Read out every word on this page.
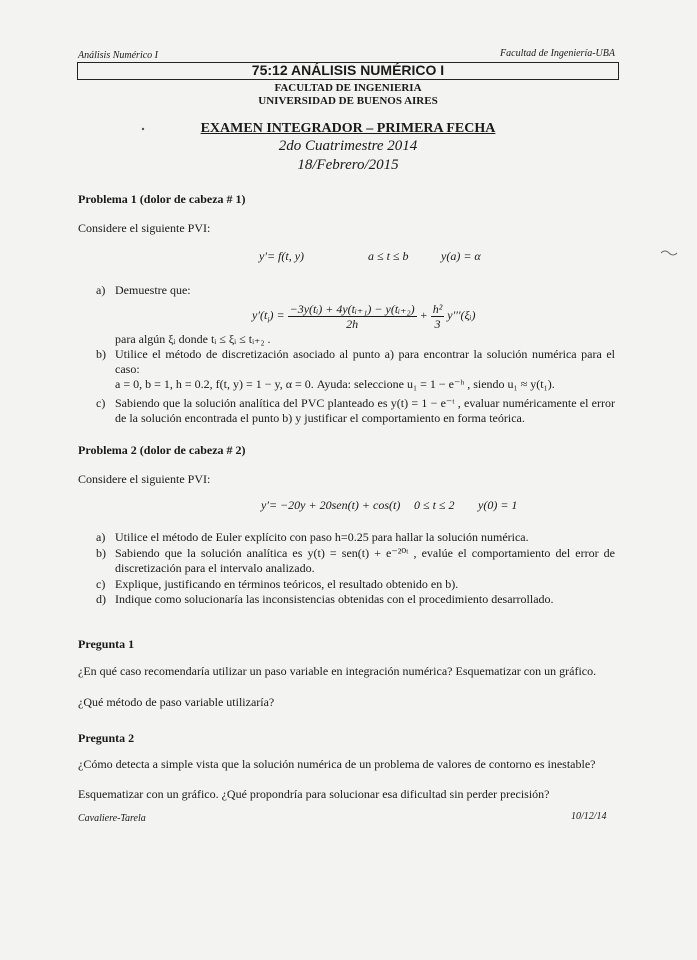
Análisis Numérico I	Facultad de Ingeniería-UBA
75:12 ANÁLISIS NUMÉRICO I
FACULTAD DE INGENIERIA
UNIVERSIDAD DE BUENOS AIRES
EXAMEN INTEGRADOR – PRIMERA FECHA
2do Cuatrimestre 2014
18/Febrero/2015
Problema 1 (dolor de cabeza # 1)
Considere el siguiente PVI:
y′= f(t, y)	a ≤ t ≤ b	y(a) = α
a) Demuestre que:
$y'(t_i) = \frac{\text{−3y(tᵢ) + 4y(tᵢ₊₁) − y(tᵢ₊₂)}}{2h} + \frac{\text{h²}}{3}$ y′′′(ξᵢ)
para algún ξᵢ donde tᵢ ≤ ξᵢ ≤ tᵢ₊₂ .
b) Utilice el método de discretización asociado al punto a) para encontrar la solución numérica para el caso:
a = 0, b = 1, h = 0.2, f(t, y) = 1 − y, α = 0. Ayuda: seleccione u₁ = 1 − e⁻ʰ , siendo u₁ ≈ y(t₁).
c) Sabiendo que la solución analítica del PVC planteado es y(t) = 1 − e⁻ᵗ , evaluar numéricamente el error de la solución encontrada el punto b) y justificar el comportamiento en forma teórica.
Problema 2 (dolor de cabeza # 2)
Considere el siguiente PVI:
y′= −20y + 20sen(t) + cos(t) 0 ≤ t ≤ 2 y(0) = 1
a) Utilice el método de Euler explícito con paso h=0.25 para hallar la solución numérica.
b) Sabiendo que la solución analítica es y(t) = sen(t) + e⁻²⁰ᵗ , evalúe el comportamiento del error de discretización para el intervalo analizado.
c) Explique, justificando en términos teóricos, el resultado obtenido en b).
d) Indique como solucionaría las inconsistencias obtenidas con el procedimiento desarrollado.
Pregunta 1
¿En qué caso recomendaría utilizar un paso variable en integración numérica? Esquematizar con un gráfico.
¿Qué método de paso variable utilizaría?
Pregunta 2
¿Cómo detecta a simple vista que la solución numérica de un problema de valores de contorno es inestable?
Esquematizar con un gráfico. ¿Qué propondría para solucionar esa dificultad sin perder precisión?
Cavaliere-Tarela	10/12/14
